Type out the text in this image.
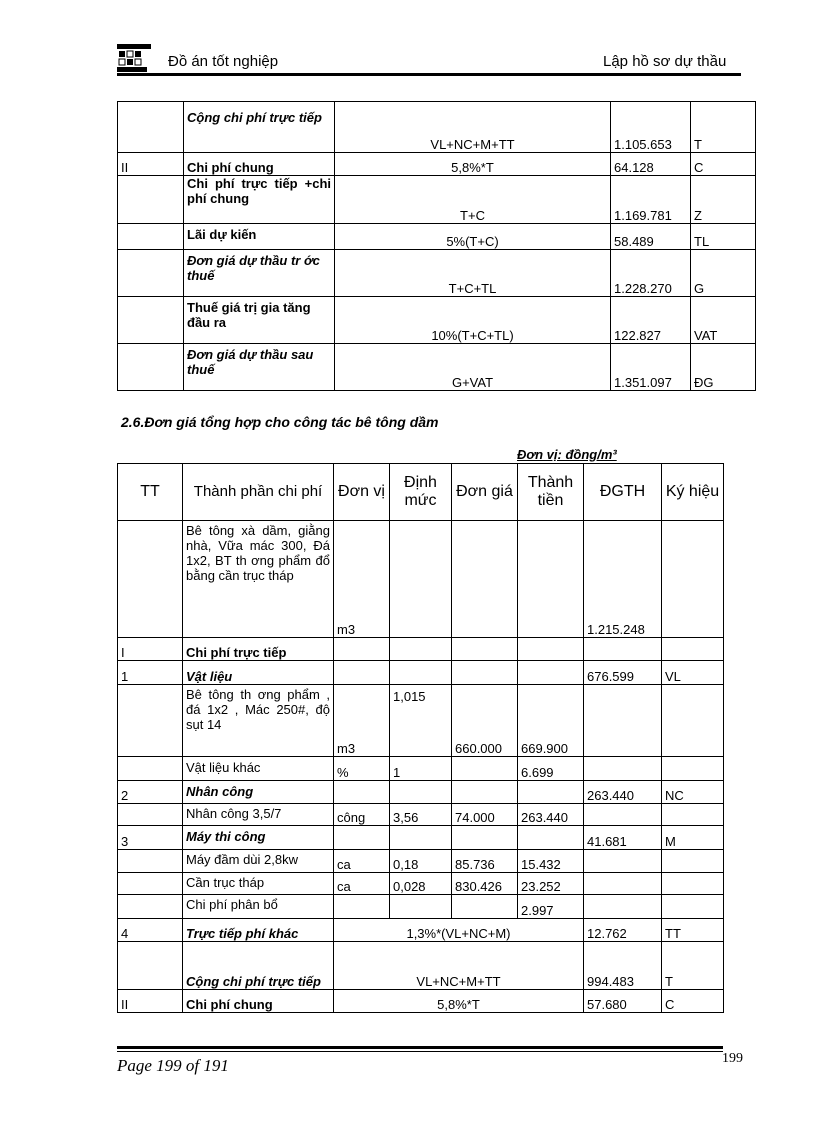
Đồ án tốt nghiệp	Lập hồ sơ dự thầu
	Cộng chi phí trực tiếp	VL+NC+M+TT	1.105.653	T
II	Chi phí chung	5,8%*T	64.128	C
	Chi phí trực tiếp +chi phí chung	T+C	1.169.781	Z
	Lãi dự kiến	5%(T+C)	58.489	TL
	Đơn giá dự thầu tr ớc thuế	T+C+TL	1.228.270	G
	Thuế giá trị gia tăng đầu ra	10%(T+C+TL)	122.827	VAT
	Đơn giá dự thầu sau thuế	G+VAT	1.351.097	ĐG
2.6.Đơn giá tổng hợp cho công tác bê tông dầm
Đơn vị: đồng/m³
TT	Thành phần chi phí	Đơn vị	Định mức	Đơn giá	Thành tiền	ĐGTH	Ký hiệu
	Bê tông xà dầm, giằng nhà, Vữa mác 300, Đá 1x2, BT th ơng phẩm đổ bằng cần trục tháp	m3				1.215.248	
I	Chi phí trực tiếp						
1	Vật liệu					676.599	VL
	Bê tông th ơng phẩm , đá 1x2 , Mác 250#, độ sụt 14	m3	1,015	660.000	669.900		
	Vật liệu khác	%	1		6.699		
2	Nhân công					263.440	NC
	Nhân công 3,5/7	công	3,56	74.000	263.440		
3	Máy thi công					41.681	M
	Máy đầm dùi 2,8kw	ca	0,18	85.736	15.432		
	Cần trục tháp	ca	0,028	830.426	23.252		
	Chi phí phân bổ				2.997		
4	Trực tiếp phí khác	1,3%*(VL+NC+M)				12.762	TT
	Cộng chi phí trực tiếp	VL+NC+M+TT				994.483	T
II	Chi phí chung	5,8%*T				57.680	C
Page 199 of 191	199
